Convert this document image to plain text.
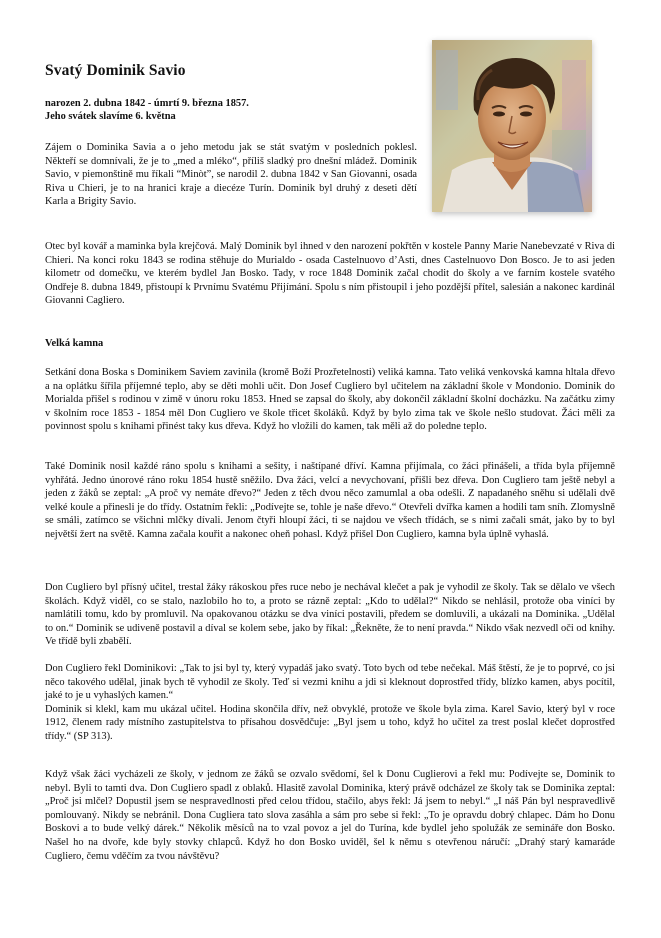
Svatý Dominik Savio
narozen 2. dubna 1842 - úmrtí 9. března 1857.
Jeho svátek slavíme 6. května

Zájem o Dominika Savia a o jeho metodu jak se stát svatým v posledních poklesl. Někteří se domnívali, že je to „med a mléko“, příliš sladký pro dnešní mládež. Dominik Savio, v piemonštině mu říkali “Minòt”, se narodil 2. dubna 1842 v San Giovanni, osada Riva u Chieri, je to na hranici kraje a diecéze Turín. Dominik byl druhý z deseti dětí Karla a Brigity Savio.

Otec byl kovář a maminka byla krejčová. Malý Dominik byl ihned v den narození pokřtěn v kostele Panny Marie Nanebevzaté v Riva di Chieri. Na konci roku 1843 se rodina stěhuje do Murialdo - osada Castelnuovo d’Asti, dnes Castelnuovo Don Bosco. Je to asi jeden kilometr od domečku, ve kterém bydlel Jan Bosko. Tady, v roce 1848 Dominik začal chodit do školy a ve farním kostele svatého Ondřeje 8. dubna 1849, přistoupí k Prvnímu Svatému Přijímání. Spolu s ním přistoupil i jeho pozdější přítel, salesián a nakonec kardinál Giovanni Cagliero.

Velká kamna

Setkání dona Boska s Dominikem Saviem zavinila (kromě Boží Prozřetelnosti) veliká kamna. Tato veliká venkovská kamna hltala dřevo a na oplátku šířila příjemné teplo, aby se děti mohli učit. Don Josef Cugliero byl učitelem na základní škole v Mondonio. Dominik do Morialda přišel s rodinou v zimě v únoru roku 1853. Hned se zapsal do školy, aby dokončil základní školní docházku. Na začátku zimy v školním roce 1853 - 1854 měl Don Cugliero ve škole třicet školáků. Když by bylo zima tak ve škole nešlo studovat. Žáci měli za povinnost spolu s knihami přinést taky kus dřeva. Když ho vložili do kamen, tak měli až do poledne teplo.

Také Dominik nosil každé ráno spolu s knihami a sešity, i naštípané dříví. Kamna přijímala, co žáci přinášeli, a třída byla příjemně vyhřátá. Jedno únorové ráno roku 1854 hustě sněžilo. Dva žáci, velcí a nevychovaní, přišli bez dřeva. Don Cugliero tam ještě nebyl a jeden z žáků se zeptal: „A proč vy nemáte dřevo?“ Jeden z těch dvou něco zamumlal a oba odešli. Z napadaného sněhu si udělali dvě velké koule a přinesli je do třídy. Ostatním řekli: „Podívejte se, tohle je naše dřevo.“ Otevřeli dvířka kamen a hodili tam sníh. Zlomyslně se smáli, zatímco se všichni mlčky dívali. Jenom čtyři hloupí žáci, ti se najdou ve všech třídách, se s nimi začali smát, jako by to byl největší žert na světě. Kamna začala kouřit a nakonec oheň pohasl. Když přišel Don Cugliero, kamna byla úplně vyhaslá.

Don Cugliero byl přísný učitel, trestal žáky rákoskou přes ruce nebo je nechával klečet a pak je vyhodil ze školy. Tak se dělalo ve všech školách. Když viděl, co se stalo, nazlobilo ho to, a proto se rázně zeptal: „Kdo to udělal?“ Nikdo se nehlásil, protože oba viníci by namlátili tomu, kdo by promluvil. Na opakovanou otázku se dva viníci postavili, předem se domluvili, a ukázali na Dominika. „Udělal to on.“ Dominik se udiveně postavil a díval se kolem sebe, jako by říkal: „Řekněte, že to není pravda.“ Nikdo však nezvedl oči od knihy. Ve třídě byli zbabělí.

Don Cugliero řekl Dominikovi: „Tak to jsi byl ty, který vypadáš jako svatý. Toto bych od tebe nečekal. Máš štěstí, že je to poprvé, co jsi něco takového udělal, jinak bych tě vyhodil ze školy. Teď si vezmi knihu a jdi si kleknout doprostřed třídy, blízko kamen, abys pocítil, jaké to je u vyhaslých kamen.“

Dominik si klekl, kam mu ukázal učitel. Hodina skončila dřív, než obvyklé, protože ve škole byla zima. Karel Savio, který byl v roce 1912, členem rady místního zastupitelstva to přísahou dosvědčuje: „Byl jsem u toho, když ho učitel za trest poslal klečet doprostřed třídy.“ (SP 313).

Když však žáci vycházeli ze školy, v jednom ze žáků se ozvalo svědomí, šel k Donu Cuglierovi a řekl mu: Podívejte se, Dominik to nebyl. Byli to tamti dva. Don Cugliero spadl z oblaků. Hlasitě zavolal Dominika, který právě odcházel ze školy tak se Dominika zeptal: „Proč jsi mlčel? Dopustil jsem se nespravedlnosti před celou třídou, stačilo, abys řekl: Já jsem to nebyl.“ „I náš Pán byl nespravedlivě pomlouvaný. Nikdy se nebránil. Dona Cugliera tato slova zasáhla a sám pro sebe si řekl: „To je opravdu dobrý chlapec. Dám ho Donu Boskovi a to bude velký dárek.“ Několik měsíců na to vzal povoz a jel do Turína, kde bydlel jeho spolužák ze semináře don Bosko. Našel ho na dvoře, kde byly stovky chlapců. Když ho don Bosko uviděl, šel k němu s otevřenou náručí: „Drahý starý kamaráde Cugliero, čemu vděčím za tvou návštěvu?
